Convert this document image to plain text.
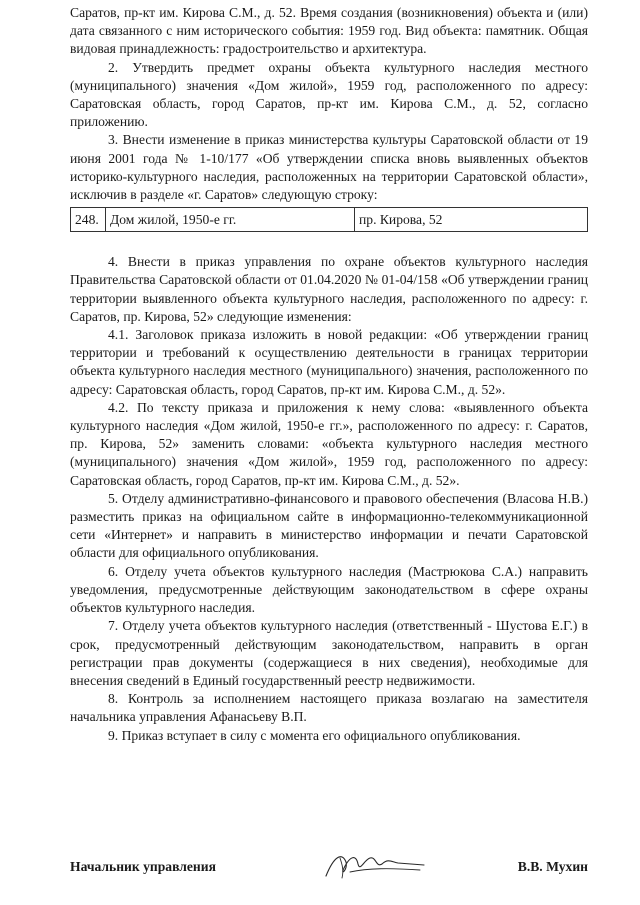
Саратов, пр-кт им. Кирова С.М., д. 52. Время создания (возникновения) объекта и (или) дата связанного с ним исторического события: 1959 год. Вид объекта: памятник. Общая видовая принадлежность: градостроительство и архитектура.

2. Утвердить предмет охраны объекта культурного наследия местного (муниципального) значения «Дом жилой», 1959 год, расположенного по адресу: Саратовская область, город Саратов, пр-кт им. Кирова С.М., д. 52, согласно приложению.

3. Внести изменение в приказ министерства культуры Саратовской области от 19 июня 2001 года № 1-10/177 «Об утверждении списка вновь выявленных объектов историко-культурного наследия, расположенных на территории Саратовской области», исключив в разделе «г. Саратов» следующую строку:

248.	Дом жилой, 1950-е гг.	пр. Кирова, 52

4. Внести в приказ управления по охране объектов культурного наследия Правительства Саратовской области от 01.04.2020 № 01-04/158 «Об утверждении границ территории выявленного объекта культурного наследия, расположенного по адресу: г. Саратов, пр. Кирова, 52» следующие изменения:

4.1. Заголовок приказа изложить в новой редакции: «Об утверждении границ территории и требований к осуществлению деятельности в границах территории объекта культурного наследия местного (муниципального) значения, расположенного по адресу: Саратовская область, город Саратов, пр-кт им. Кирова С.М., д. 52».

4.2. По тексту приказа и приложения к нему слова: «выявленного объекта культурного наследия «Дом жилой, 1950-е гг.», расположенного по адресу: г. Саратов, пр. Кирова, 52» заменить словами: «объекта культурного наследия местного (муниципального) значения «Дом жилой», 1959 год, расположенного по адресу: Саратовская область, город Саратов, пр-кт им. Кирова С.М., д. 52».

5. Отделу административно-финансового и правового обеспечения (Власова Н.В.) разместить приказ на официальном сайте в информационно-телекоммуникационной сети «Интернет» и направить в министерство информации и печати Саратовской области для официального опубликования.

6. Отделу учета объектов культурного наследия (Мастрюкова С.А.) направить уведомления, предусмотренные действующим законодательством в сфере охраны объектов культурного наследия.

7. Отделу учета объектов культурного наследия (ответственный - Шустова Е.Г.) в срок, предусмотренный действующим законодательством, направить в орган регистрации прав документы (содержащиеся в них сведения), необходимые для внесения сведений в Единый государственный реестр недвижимости.

8. Контроль за исполнением настоящего приказа возлагаю на заместителя начальника управления Афанасьеву В.П.

9. Приказ вступает в силу с момента его официального опубликования.

Начальник управления	В.В. Мухин
